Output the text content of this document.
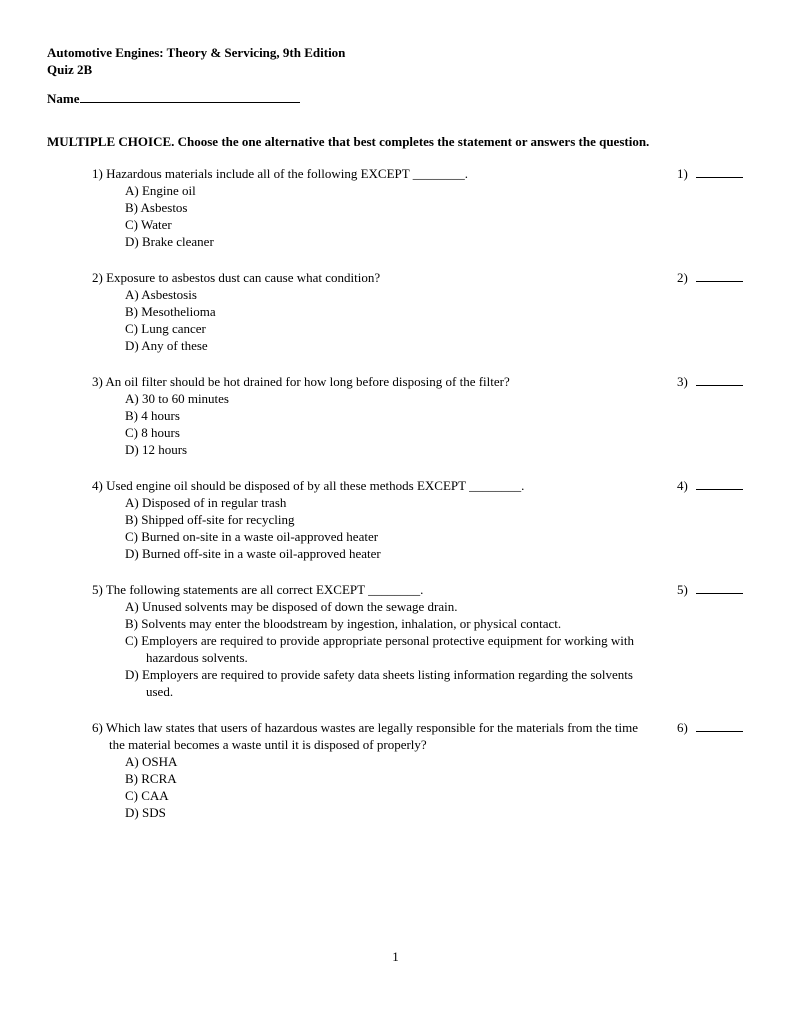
Automotive Engines: Theory & Servicing, 9th Edition
Quiz 2B
Name
MULTIPLE CHOICE. Choose the one alternative that best completes the statement or answers the question.
1) Hazardous materials include all of the following EXCEPT ________.
A) Engine oil
B) Asbestos
C) Water
D) Brake cleaner
1)
2) Exposure to asbestos dust can cause what condition?
A) Asbestosis
B) Mesothelioma
C) Lung cancer
D) Any of these
2)
3) An oil filter should be hot drained for how long before disposing of the filter?
A) 30 to 60 minutes
B) 4 hours
C) 8 hours
D) 12 hours
3)
4) Used engine oil should be disposed of by all these methods EXCEPT ________.
A) Disposed of in regular trash
B) Shipped off-site for recycling
C) Burned on-site in a waste oil-approved heater
D) Burned off-site in a waste oil-approved heater
4)
5) The following statements are all correct EXCEPT ________.
A) Unused solvents may be disposed of down the sewage drain.
B) Solvents may enter the bloodstream by ingestion, inhalation, or physical contact.
C) Employers are required to provide appropriate personal protective equipment for working with hazardous solvents.
D) Employers are required to provide safety data sheets listing information regarding the solvents used.
5)
6) Which law states that users of hazardous wastes are legally responsible for the materials from the time the material becomes a waste until it is disposed of properly?
A) OSHA
B) RCRA
C) CAA
D) SDS
6)
1
